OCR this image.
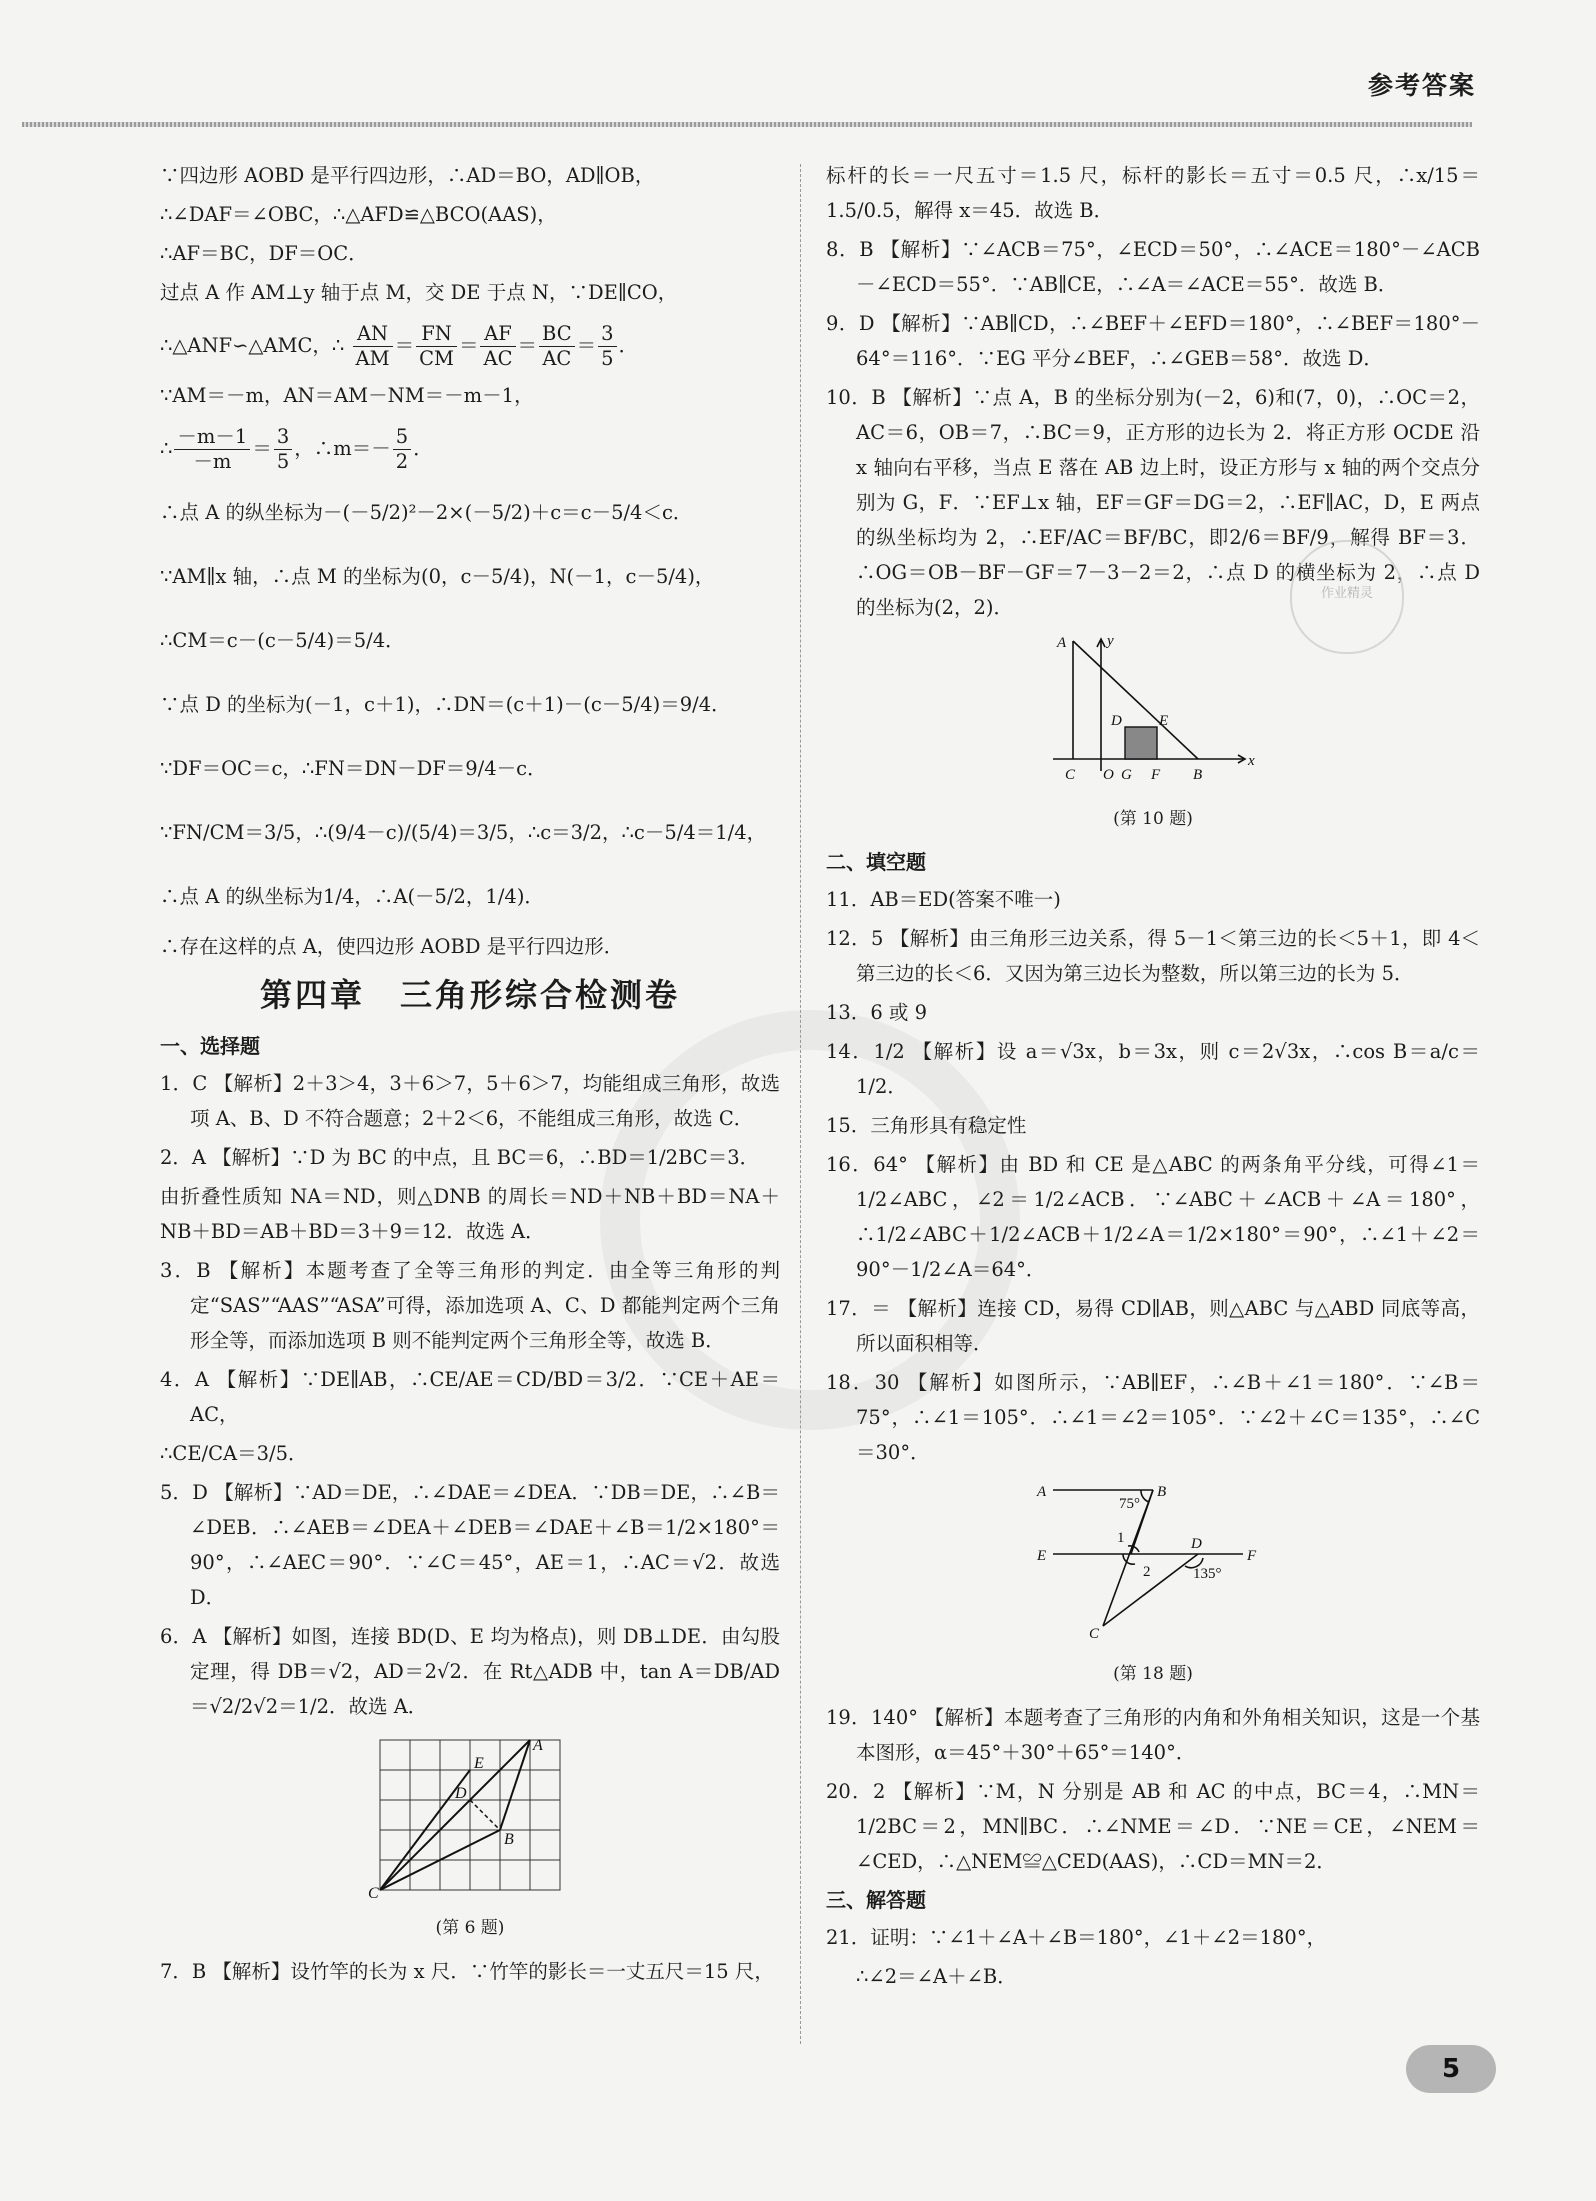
参考答案

∵四边形 AOBD 是平行四边形，∴AD＝BO，AD∥OB，

∴∠DAF＝∠OBC，∴△AFD≌△BCO(AAS)，

∴AF＝BC，DF＝OC．

过点 A 作 AM⊥y 轴于点 M，交 DE 于点 N，∵DE∥CO，

∴△ANF∽△AMC，∴ $\frac{AN}{AM} = \frac{FN}{CM} = \frac{AF}{AC} = \frac{BC}{AC} = \frac{3}{5}$ ．

∵AM＝－m，AN＝AM－NM＝－m－1，

∴ $\frac{-m-1}{-m} = \frac{3}{5}$ ，∴m＝－ $\frac{5}{2}$ ．

∴点 A 的纵坐标为－(－5/2)²－2×(－5/2)＋c＝c－5/4＜c．

∵AM∥x 轴，∴点 M 的坐标为(0，c－5/4)，N(－1，c－5/4)，

∴CM＝c－(c－5/4)＝5/4．

∵点 D 的坐标为(－1，c＋1)，∴DN＝(c＋1)－(c－5/4)＝9/4．

∵DF＝OC＝c，∴FN＝DN－DF＝9/4－c．

∵FN/CM＝3/5，∴(9/4－c)/(5/4)＝3/5，∴c＝3/2，∴c－5/4＝1/4，

∴点 A 的纵坐标为1/4，∴A(－5/2，1/4)．

∴存在这样的点 A，使四边形 AOBD 是平行四边形．

第四章　三角形综合检测卷
一、选择题

1．C 【解析】2＋3＞4，3＋6＞7，5＋6＞7，均能组成三角形，故选项 A、B、D 不符合题意；2＋2＜6，不能组成三角形，故选 C．

2．A 【解析】∵D 为 BC 的中点，且 BC＝6，∴BD＝1/2BC＝3．

由折叠性质知 NA＝ND，则△DNB 的周长＝ND＋NB＋BD＝NA＋NB＋BD＝AB＋BD＝3＋9＝12．故选 A．

3．B 【解析】本题考查了全等三角形的判定．由全等三角形的判定“SAS”“AAS”“ASA”可得，添加选项 A、C、D 都能判定两个三角形全等，而添加选项 B 则不能判定两个三角形全等，故选 B．

4．A 【解析】∵DE∥AB，∴CE/AE＝CD/BD＝3/2．∵CE＋AE＝AC，

∴CE/CA＝3/5．

5．D 【解析】∵AD＝DE，∴∠DAE＝∠DEA．∵DB＝DE，∴∠B＝∠DEB．∴∠AEB＝∠DEA＋∠DEB＝∠DAE＋∠B＝1/2×180°＝90°，∴∠AEC＝90°．∵∠C＝45°，AE＝1，∴AC＝√2．故选 D．

6．A 【解析】如图，连接 BD(D、E 均为格点)，则 DB⊥DE．由勾股定理，得 DB＝√2，AD＝2√2．在 Rt△ADB 中，tan A＝DB/AD＝√2/2√2＝1/2．故选 A．

A
E
D
B
C
(第 6 题)

7．B 【解析】设竹竿的长为 x 尺．∵竹竿的影长＝一丈五尺＝15 尺，

标杆的长＝一尺五寸＝1.5 尺，标杆的影长＝五寸＝0.5 尺，∴x/15＝1.5/0.5，解得 x＝45．故选 B．

8．B 【解析】∵∠ACB＝75°，∠ECD＝50°，∴∠ACE＝180°－∠ACB－∠ECD＝55°．∵AB∥CE，∴∠A＝∠ACE＝55°．故选 B．

9．D 【解析】∵AB∥CD，∴∠BEF＋∠EFD＝180°，∴∠BEF＝180°－64°＝116°．∵EG 平分∠BEF，∴∠GEB＝58°．故选 D．

10．B 【解析】∵点 A，B 的坐标分别为(－2，6)和(7，0)，∴OC＝2，AC＝6，OB＝7，∴BC＝9，正方形的边长为 2．将正方形 OCDE 沿 x 轴向右平移，当点 E 落在 AB 边上时，设正方形与 x 轴的两个交点分别为 G，F．∵EF⊥x 轴，EF＝GF＝DG＝2，∴EF∥AC，D，E 两点的纵坐标均为 2，∴EF/AC＝BF/BC，即2/6＝BF/9，解得 BF＝3．∴OG＝OB－BF－GF＝7－3－2＝2，∴点 D 的横坐标为 2，∴点 D 的坐标为(2，2)．

A	y
D E
C O G F B
x
(第 10 题)
二、填空题

11．AB＝ED(答案不唯一)

12．5 【解析】由三角形三边关系，得 5－1＜第三边的长＜5＋1，即 4＜第三边的长＜6．又因为第三边长为整数，所以第三边的长为 5．

13．6 或 9

14．1/2 【解析】设 a＝√3x，b＝3x，则 c＝2√3x，∴cos B＝a/c＝1/2．

15．三角形具有稳定性

16．64° 【解析】由 BD 和 CE 是△ABC 的两条角平分线，可得∠1＝1/2∠ABC，∠2＝1/2∠ACB．∵∠ABC＋∠ACB＋∠A＝180°，∴1/2∠ABC＋1/2∠ACB＋1/2∠A＝1/2×180°＝90°，∴∠1＋∠2＝90°－1/2∠A＝64°．

17．＝ 【解析】连接 CD，易得 CD∥AB，则△ABC 与△ABD 同底等高，所以面积相等．

18．30 【解析】如图所示，∵AB∥EF，∴∠B＋∠1＝180°．∵∠B＝75°，∴∠1＝105°．∴∠1＝∠2＝105°．∵∠2＋∠C＝135°，∴∠C＝30°．

A	B
75°
1
E
D
F
2	135°
C
(第 18 题)

19．140° 【解析】本题考查了三角形的内角和外角相关知识，这是一个基本图形，α＝45°＋30°＋65°＝140°．

20．2 【解析】∵M，N 分别是 AB 和 AC 的中点，BC＝4，∴MN＝1/2BC＝2，MN∥BC．∴∠NME＝∠D．∵NE＝CE，∠NEM＝∠CED，∴△NEM≌△CED(AAS)，∴CD＝MN＝2．

三、解答题

21．证明：∵∠1＋∠A＋∠B＝180°，∠1＋∠2＝180°，

∴∠2＝∠A＋∠B．

作业精灵
5
